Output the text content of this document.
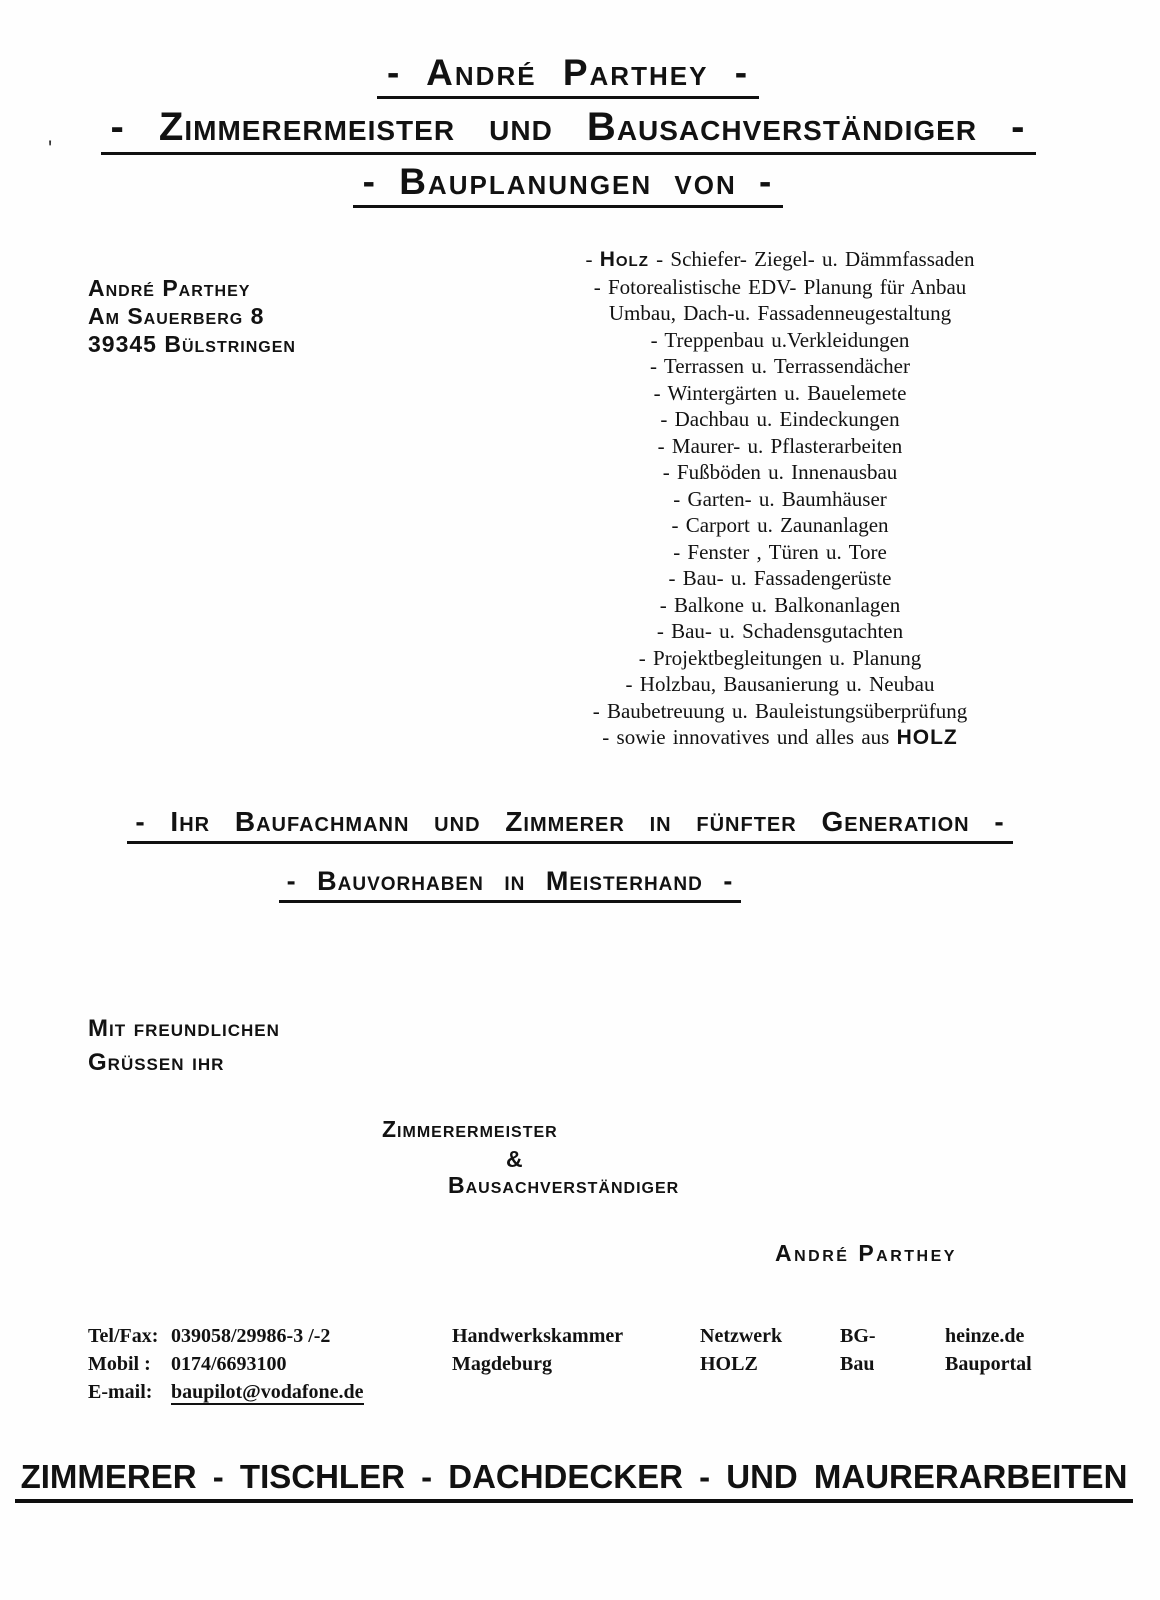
- André Parthey -
- Zimmerermeister und Bausachverständiger -
- Bauplanungen von -
'
André Parthey
Am Sauerberg 8
39345 Bülstringen
- Holz - Schiefer- Ziegel- u. Dämmfassaden
- Fotorealistische EDV- Planung für Anbau
Umbau, Dach-u. Fassadenneugestaltung
- Treppenbau u.Verkleidungen
- Terrassen u. Terrassendächer
- Wintergärten u. Bauelemete
- Dachbau u. Eindeckungen
- Maurer- u. Pflasterarbeiten
- Fußböden u. Innenausbau
- Garten- u. Baumhäuser
- Carport u. Zaunanlagen
- Fenster , Türen u. Tore
- Bau- u. Fassadengerüste
- Balkone u. Balkonanlagen
- Bau- u. Schadensgutachten
- Projektbegleitungen u. Planung
- Holzbau, Bausanierung u. Neubau
- Baubetreuung u. Bauleistungsüberprüfung
- sowie innovatives und alles aus HOLZ
- Ihr Baufachmann und Zimmerer in fünfter Generation -
- Bauvorhaben in Meisterhand -
Mit freundlichen
Grüssen ihr
Zimmerermeister
&
Bausachverständiger
André Parthey
Tel/Fax: 039058/29986-3 /-2
Mobil : 0174/6693100
E-mail: baupilot@vodafone.de
Handwerkskammer
Magdeburg
Netzwerk
HOLZ
BG-
Bau
heinze.de
Bauportal
ZIMMERER - TISCHLER - DACHDECKER - UND MAURERARBEITEN
